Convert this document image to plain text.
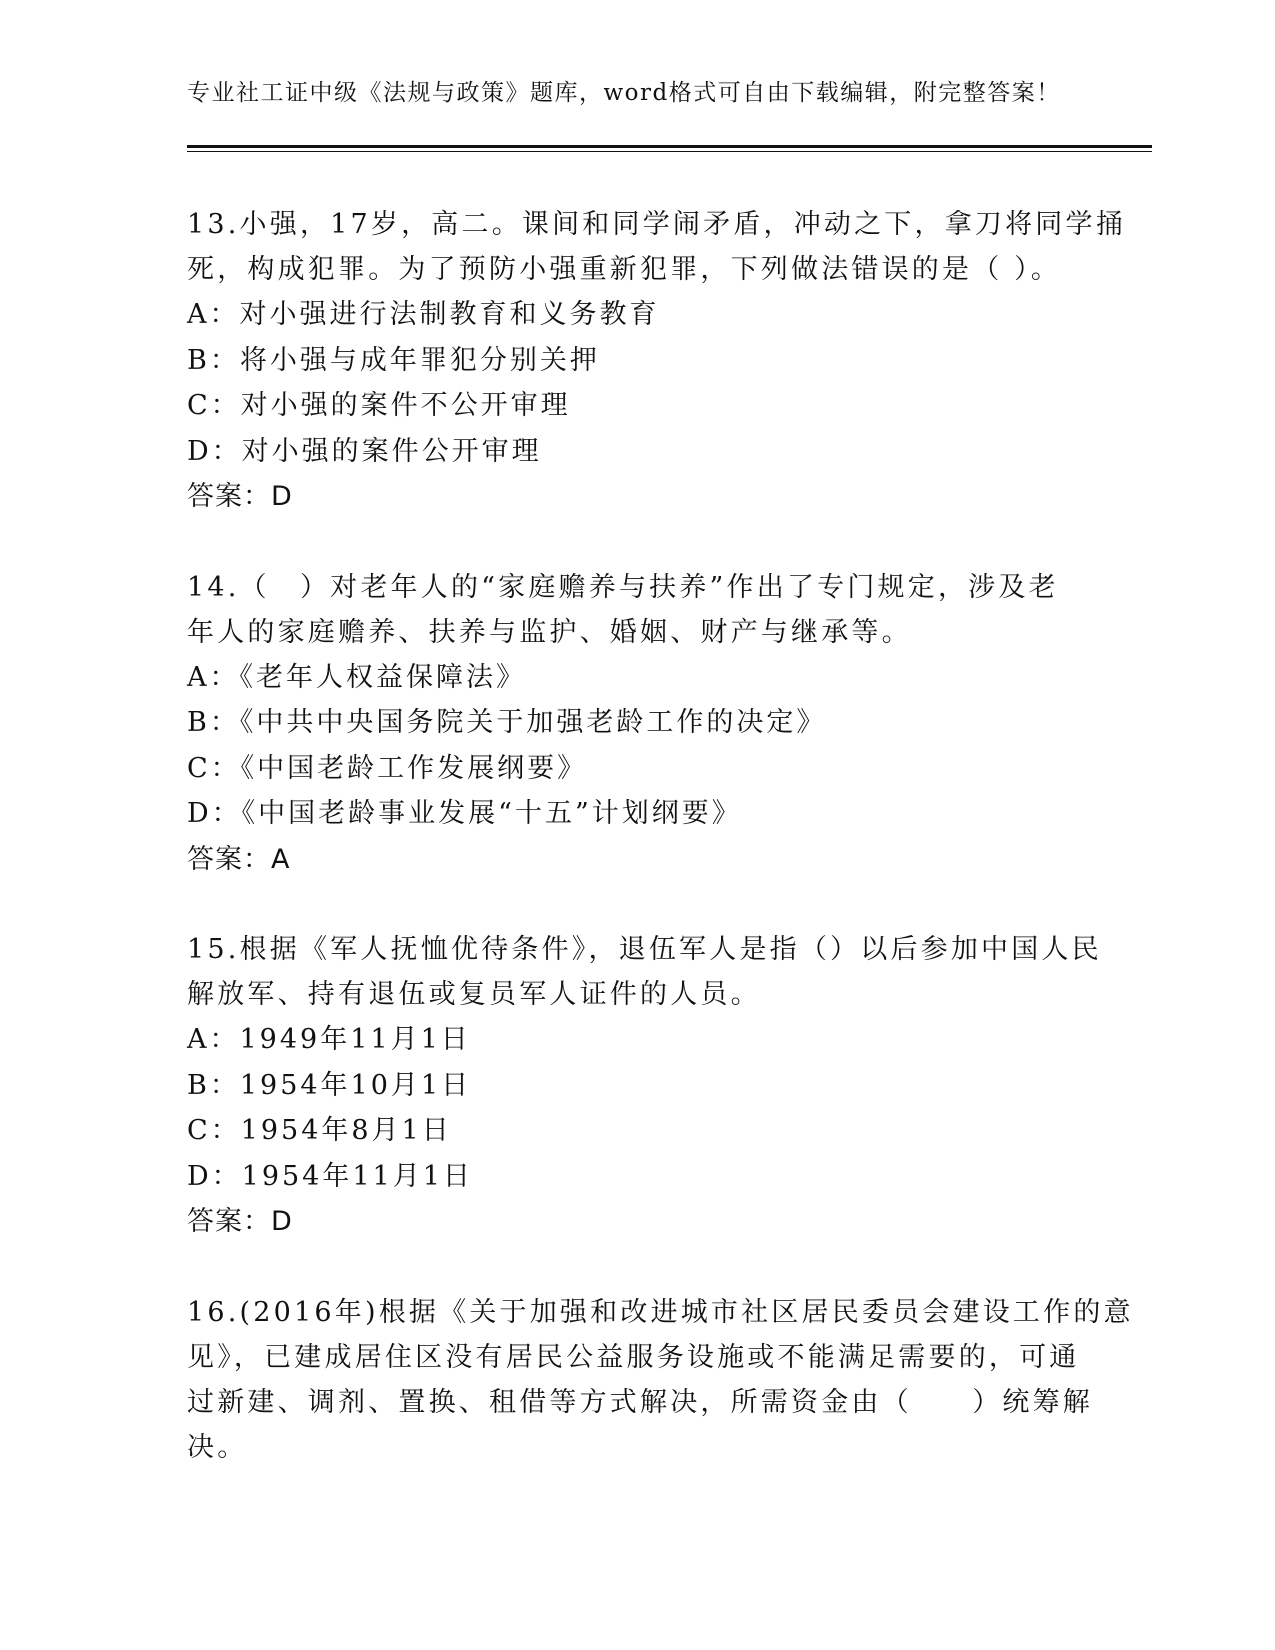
专业社工证中级《法规与政策》题库，word格式可自由下载编辑，附完整答案！
13.小强，17岁，高二。课间和同学闹矛盾，冲动之下，拿刀将同学捅
死，构成犯罪。为了预防小强重新犯罪，下列做法错误的是（ ）。
A：对小强进行法制教育和义务教育
B：将小强与成年罪犯分别关押
C：对小强的案件不公开审理
D：对小强的案件公开审理
答案：D
14.（　）对老年人的“家庭赡养与扶养”作出了专门规定，涉及老
年人的家庭赡养、扶养与监护、婚姻、财产与继承等。
A：《老年人权益保障法》
B：《中共中央国务院关于加强老龄工作的决定》
C：《中国老龄工作发展纲要》
D：《中国老龄事业发展“十五”计划纲要》
答案：A
15.根据《军人抚恤优待条件》，退伍军人是指（）以后参加中国人民
解放军、持有退伍或复员军人证件的人员。
A：1949年11月1日
B：1954年10月1日
C：1954年8月1日
D：1954年11月1日
答案：D
16.(2016年)根据《关于加强和改进城市社区居民委员会建设工作的意
见》，已建成居住区没有居民公益服务设施或不能满足需要的，可通
过新建、调剂、置换、租借等方式解决，所需资金由（　　）统筹解
决。
